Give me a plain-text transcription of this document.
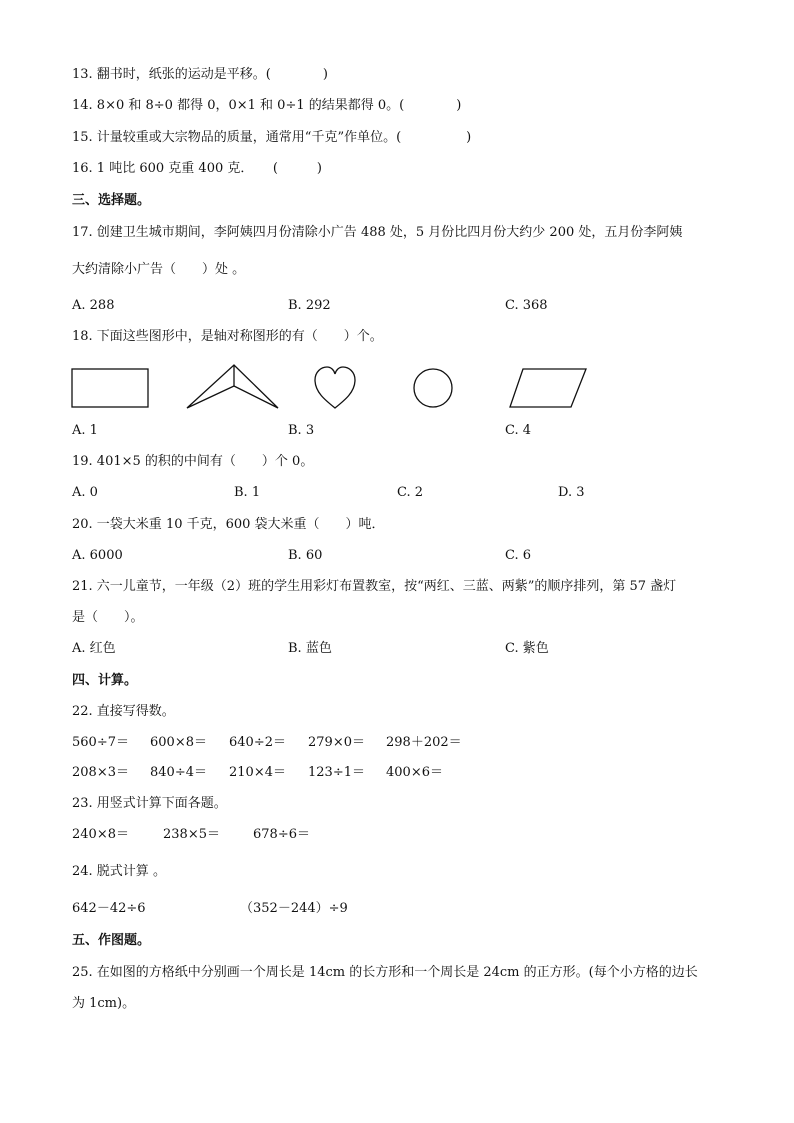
13. 翻书时，纸张的运动是平移。(　　　　)
14. 8×0 和 8÷0 都得 0，0×1 和 0÷1 的结果都得 0。(　　　　)
15. 计量较重或大宗物品的质量，通常用“千克”作单位。(　　　　　)
16. 1 吨比 600 克重 400 克．　　(　　　)
三、选择题。
17. 创建卫生城市期间，李阿姨四月份清除小广告 488 处，5 月份比四月份大约少 200 处，五月份李阿姨
大约清除小广告（　　）处 。
A. 288	B. 292	C. 368
18. 下面这些图形中，是轴对称图形的有（　　）个。
A. 1	B. 3	C. 4
19. 401×5 的积的中间有（　　）个 0。
A. 0	B. 1	C. 2	D. 3
20. 一袋大米重 10 千克，600 袋大米重（　　）吨．
A. 6000	B. 60	C. 6
21. 六一儿童节，一年级（2）班的学生用彩灯布置教室，按“两红、三蓝、两紫”的顺序排列，第 57 盏灯
是（　　）。
A. 红色	B. 蓝色	C. 紫色
四、计算。
22. 直接写得数。
560÷7＝ 600×8＝ 640÷2＝ 279×0＝ 298＋202＝
208×3＝ 840÷4＝ 210×4＝ 123÷1＝ 400×6＝
23. 用竖式计算下面各题。
240×8＝	238×5＝	678÷6＝
24. 脱式计算 。
642－42÷6	（352－244）÷9
五、作图题。
25. 在如图的方格纸中分别画一个周长是 14cm 的长方形和一个周长是 24cm 的正方形。(每个小方格的边长
为 1cm)。
